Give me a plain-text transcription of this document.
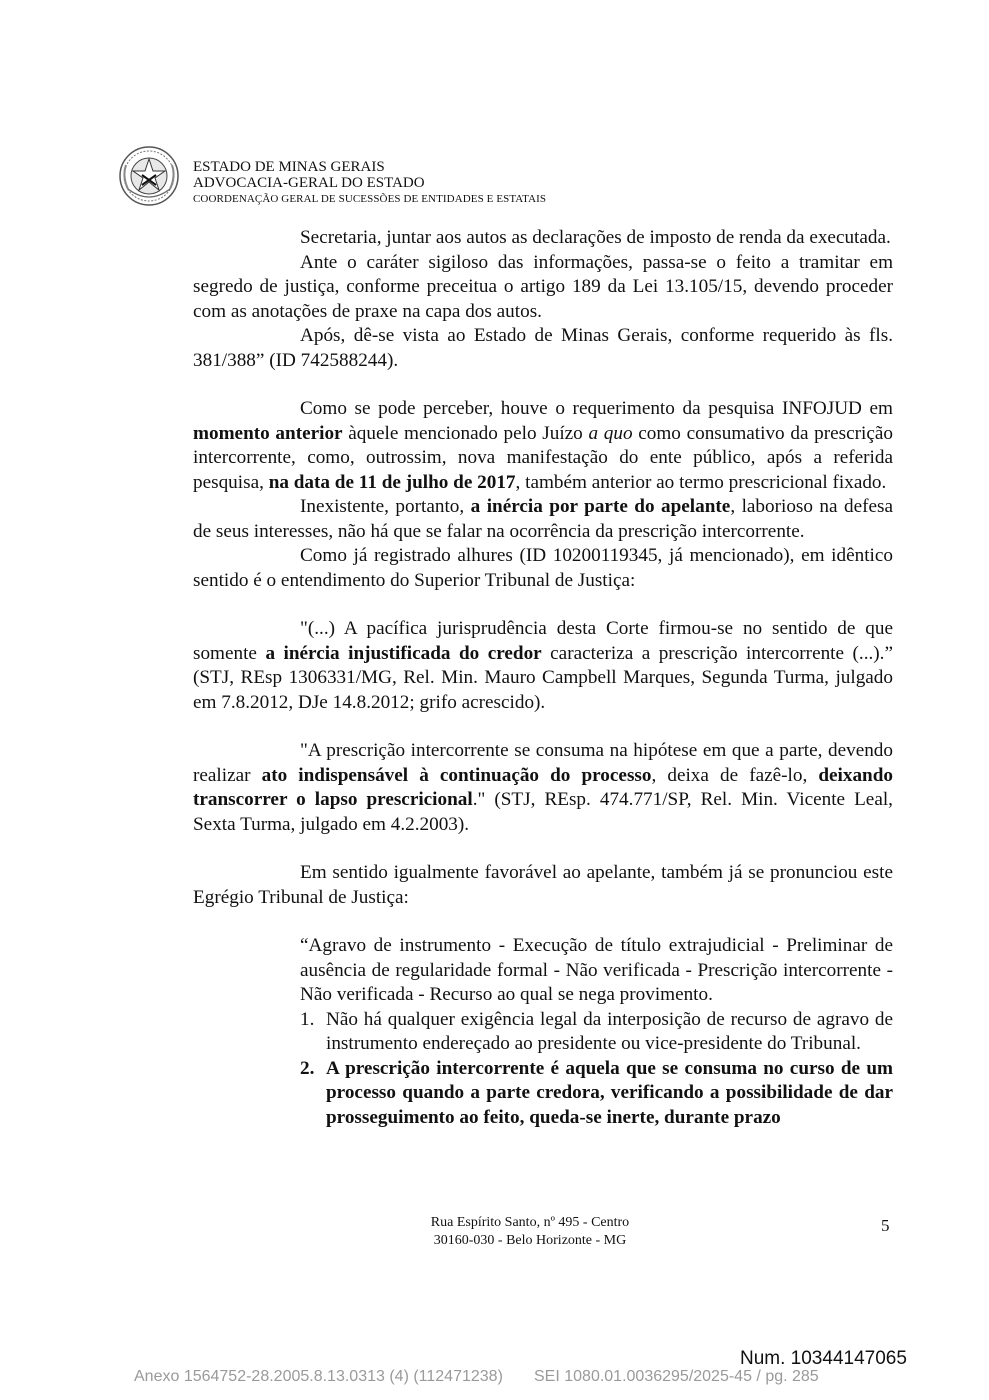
ESTADO DE MINAS GERAIS
ADVOCACIA-GERAL DO ESTADO
COORDENAÇÃO GERAL DE SUCESSÕES DE ENTIDADES E ESTATAIS

Secretaria, juntar aos autos as declarações de imposto de renda da executada.

Ante o caráter sigiloso das informações, passa-se o feito a tramitar em segredo de justiça, conforme preceitua o artigo 189 da Lei 13.105/15, devendo proceder com as anotações de praxe na capa dos autos.

Após, dê-se vista ao Estado de Minas Gerais, conforme requerido às fls. 381/388” (ID 742588244).

Como se pode perceber, houve o requerimento da pesquisa INFOJUD em momento anterior àquele mencionado pelo Juízo a quo como consumativo da prescrição intercorrente, como, outrossim, nova manifestação do ente público, após a referida pesquisa, na data de 11 de julho de 2017, também anterior ao termo prescricional fixado.

Inexistente, portanto, a inércia por parte do apelante, laborioso na defesa de seus interesses, não há que se falar na ocorrência da prescrição intercorrente.

Como já registrado alhures (ID 10200119345, já mencionado), em idêntico sentido é o entendimento do Superior Tribunal de Justiça:

"(...) A pacífica jurisprudência desta Corte firmou-se no sentido de que somente a inércia injustificada do credor caracteriza a prescrição intercorrente (...).” (STJ, REsp 1306331/MG, Rel. Min. Mauro Campbell Marques, Segunda Turma, julgado em 7.8.2012, DJe 14.8.2012; grifo acrescido).

"A prescrição intercorrente se consuma na hipótese em que a parte, devendo realizar ato indispensável à continuação do processo, deixa de fazê-lo, deixando transcorrer o lapso prescricional." (STJ, REsp. 474.771/SP, Rel. Min. Vicente Leal, Sexta Turma, julgado em 4.2.2003).

Em sentido igualmente favorável ao apelante, também já se pronunciou este Egrégio Tribunal de Justiça:

“Agravo de instrumento - Execução de título extrajudicial - Preliminar de ausência de regularidade formal - Não verificada - Prescrição intercorrente - Não verificada - Recurso ao qual se nega provimento.

1. Não há qualquer exigência legal da interposição de recurso de agravo de instrumento endereçado ao presidente ou vice-presidente do Tribunal.
2. A prescrição intercorrente é aquela que se consuma no curso de um processo quando a parte credora, verificando a possibilidade de dar prosseguimento ao feito, queda-se inerte, durante prazo
Rua Espírito Santo, nº 495 - Centro
30160-030 - Belo Horizonte - MG
5
Num. 10344147065
Anexo 1564752-28.2005.8.13.0313 (4) (112471238)       SEI 1080.01.0036295/2025-45 / pg. 285
